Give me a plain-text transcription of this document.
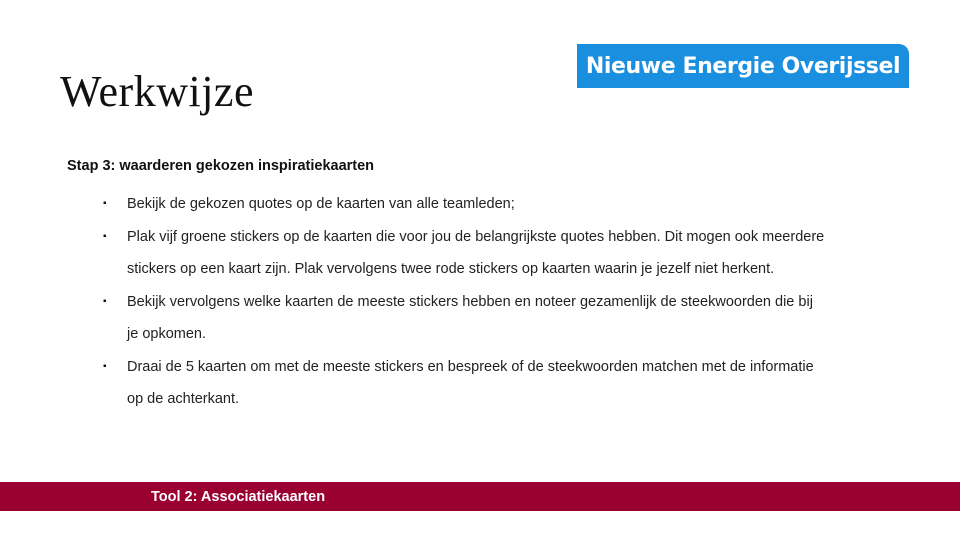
Werkwijze
Nieuwe Energie Overijssel

Stap 3: waarderen gekozen inspiratiekaarten

▪ Bekijk de gekozen quotes op de kaarten van alle teamleden;
▪ Plak vijf groene stickers op de kaarten die voor jou de belangrijkste quotes hebben. Dit mogen ook meerdere stickers op een kaart zijn. Plak vervolgens twee rode stickers op kaarten waarin je jezelf niet herkent.
▪ Bekijk vervolgens welke kaarten de meeste stickers hebben en noteer gezamenlijk de steekwoorden die bij je opkomen.
▪ Draai de 5 kaarten om met de meeste stickers en bespreek of de steekwoorden matchen met de informatie op de achterkant.
Tool 2: Associatiekaarten
